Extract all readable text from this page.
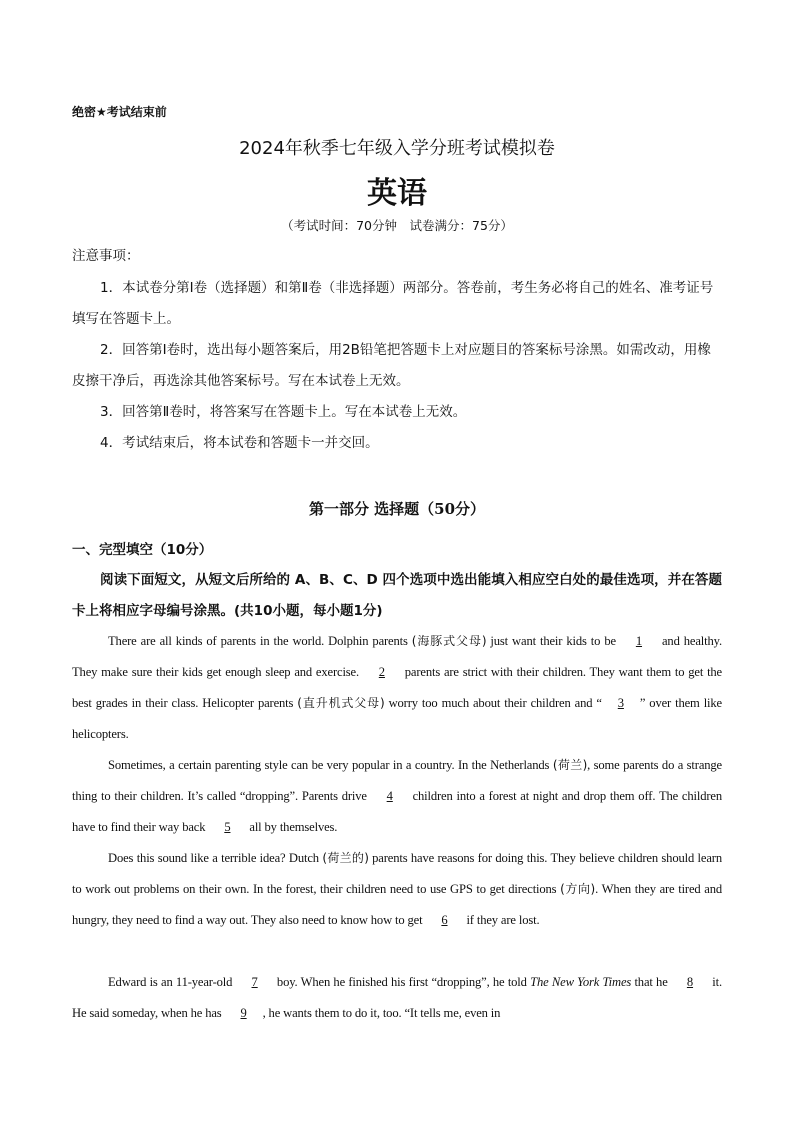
绝密★考试结束前
2024年秋季七年级入学分班考试模拟卷
英语
（考试时间：70分钟　试卷满分：75分）
注意事项：
1．本试卷分第Ⅰ卷（选择题）和第Ⅱ卷（非选择题）两部分。答卷前，考生务必将自己的姓名、准考证号填写在答题卡上。
2．回答第Ⅰ卷时，选出每小题答案后，用2B铅笔把答题卡上对应题目的答案标号涂黑。如需改动，用橡皮擦干净后，再选涂其他答案标号。写在本试卷上无效。
3．回答第Ⅱ卷时，将答案写在答题卡上。写在本试卷上无效。
4．考试结束后，将本试卷和答题卡一并交回。
第一部分 选择题（50分）
一、完型填空（10分）
阅读下面短文，从短文后所给的 A、B、C、D 四个选项中选出能填入相应空白处的最佳选项，并在答题卡上将相应字母编号涂黑。(共10小题，每小题1分)

There are all kinds of parents in the world. Dolphin parents (海豚式父母) just want their kids to be 1 and healthy. They make sure their kids get enough sleep and exercise. 2 parents are strict with their children. They want them to get the best grades in their class. Helicopter parents (直升机式父母) worry too much about their children and “ 3 ” over them like helicopters.

Sometimes, a certain parenting style can be very popular in a country. In the Netherlands (荷兰), some parents do a strange thing to their children. It’s called “dropping”. Parents drive 4 children into a forest at night and drop them off. The children have to find their way back 5 all by themselves.

Does this sound like a terrible idea? Dutch (荷兰的) parents have reasons for doing this. They believe children should learn to work out problems on their own. In the forest, their children need to use GPS to get directions (方向). When they are tired and hungry, they need to find a way out. They also need to know how to get 6 if they are lost.

Edward is an 11-year-old 7 boy. When he finished his first “dropping”, he told The New York Times that he 8 it. He said someday, when he has 9 , he wants them to do it, too. “It tells me, even in
